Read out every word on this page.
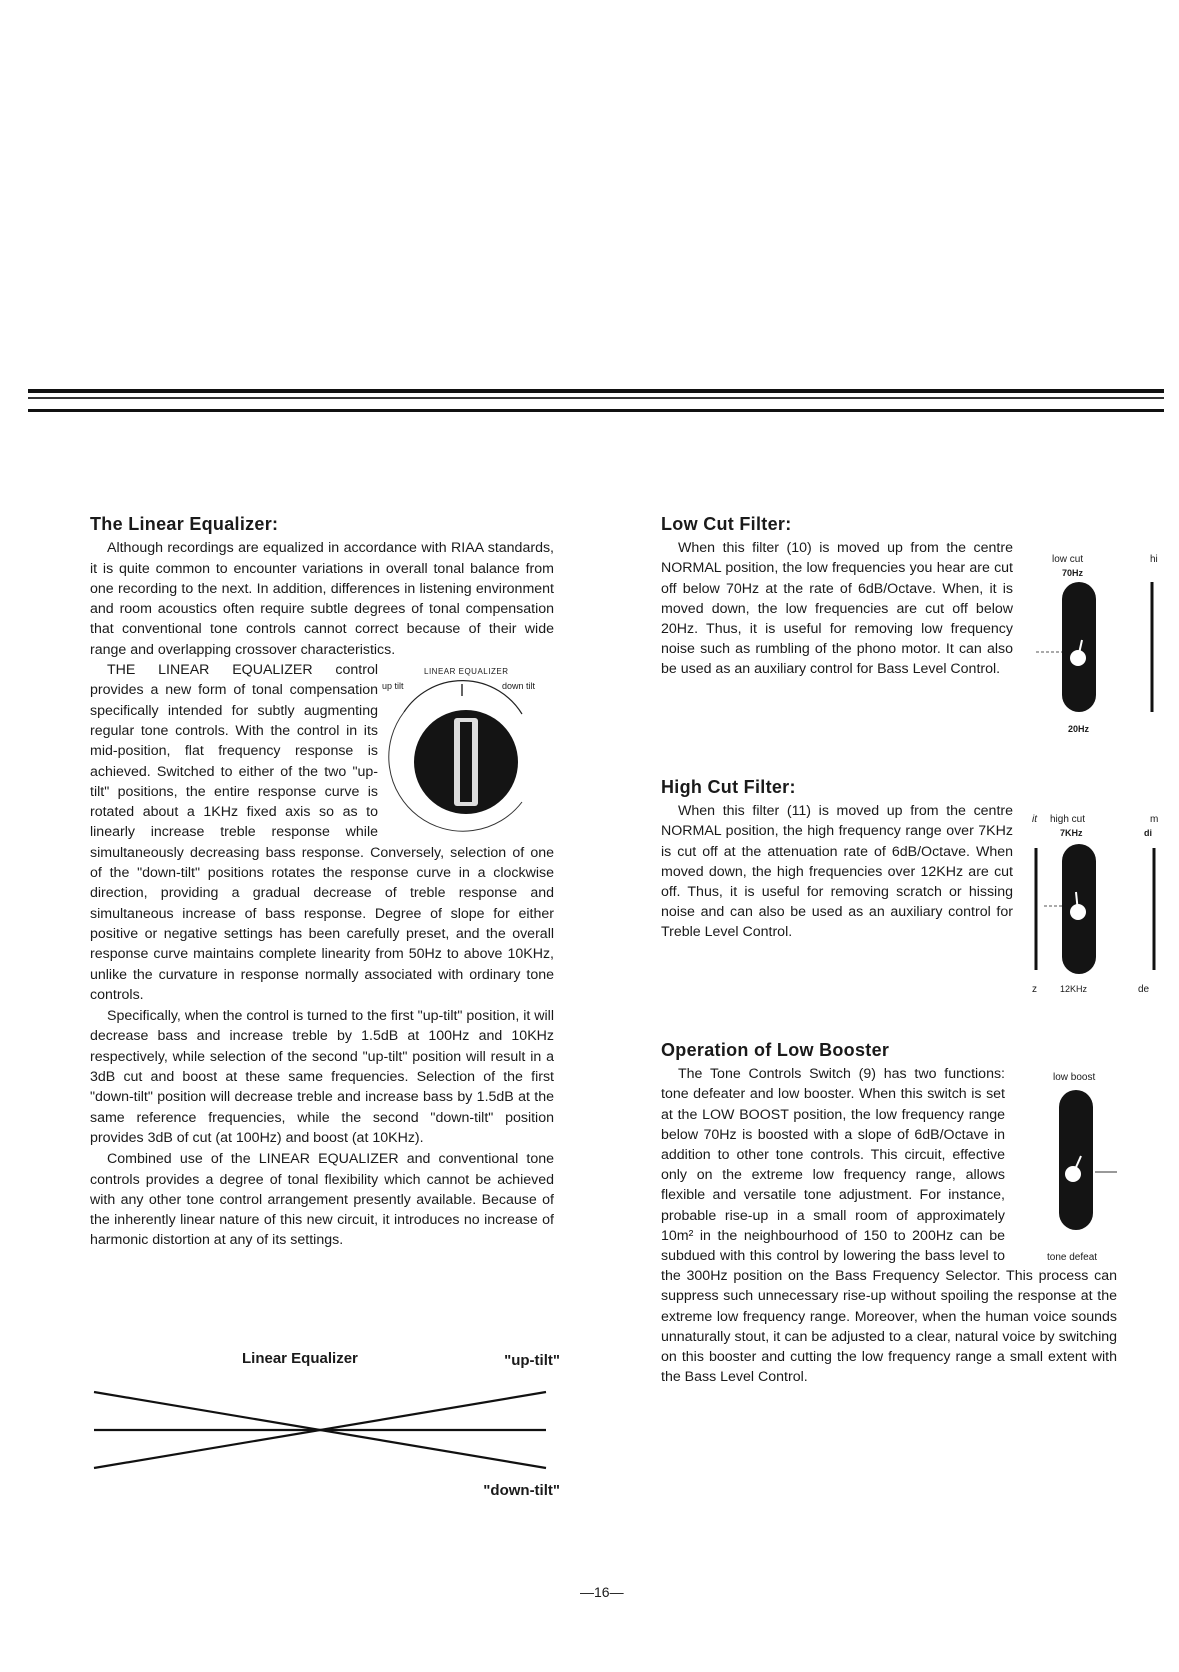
The Linear Equalizer:

Although recordings are equalized in accordance with RIAA standards, it is quite common to encounter variations in overall tonal balance from one recording to the next. In addition, differences in listening environment and room acoustics often require subtle degrees of tonal compensation that conventional tone controls cannot correct because of their wide range and overlapping crossover characteristics.

LINEAR EQUALIZER
up tilt	down tilt

THE LINEAR EQUALIZER control provides a new form of tonal compensation specifically intended for subtly augmenting regular tone controls. With the control in its mid-position, flat frequency response is achieved. Switched to either of the two "up-tilt" positions, the entire response curve is rotated about a 1KHz fixed axis so as to linearly increase treble response while simultaneously decreasing bass response. Conversely, selection of one of the "down-tilt" positions rotates the response curve in a clockwise direction, providing a gradual decrease of treble response and simultaneous increase of bass response. Degree of slope for either positive or negative settings has been carefully preset, and the overall response curve maintains complete linearity from 50Hz to above 10KHz, unlike the curvature in response normally associated with ordinary tone controls.

Specifically, when the control is turned to the first "up-tilt" position, it will decrease bass and increase treble by 1.5dB at 100Hz and 10KHz respectively, while selection of the second "up-tilt" position will result in a 3dB cut and boost at these same frequencies. Selection of the first "down-tilt" position will decrease treble and increase bass by 1.5dB at the same reference frequencies, while the second "down-tilt" position provides 3dB of cut (at 100Hz) and boost (at 10KHz).

Combined use of the LINEAR EQUALIZER and conventional tone controls provides a degree of tonal flexibility which cannot be achieved with any other tone control arrangement presently available. Because of the inherently linear nature of this new circuit, it introduces no increase of harmonic distortion at any of its settings.

Linear Equalizer	"up-tilt"
"down-tilt"
Low Cut Filter:

When this filter (10) is moved up from the centre NORMAL position, the low frequencies you hear are cut off below 70Hz at the rate of 6dB/Octave. When, it is moved down, the low frequencies are cut off below 20Hz. Thus, it is useful for removing low frequency noise such as rumbling of the phono motor. It can also be used as an auxiliary control for Bass Level Control.

low cut	hi
70Hz
20Hz
High Cut Filter:

When this filter (11) is moved up from the centre NORMAL position, the high frequency range over 7KHz is cut off at the attenuation rate of 6dB/Octave. When moved down, the high frequencies over 12KHz are cut off. Thus, it is useful for removing scratch or hissing noise and can also be used as an auxiliary control for Treble Level Control.

it high cut	m
7KHz	di
z	12KHz	de
Operation of Low Booster
low boost
tone defeat

The Tone Controls Switch (9) has two functions: tone defeater and low booster. When this switch is set at the LOW BOOST position, the low frequency range below 70Hz is boosted with a slope of 6dB/Octave in addition to other tone controls. This circuit, effective only on the extreme low frequency range, allows flexible and versatile tone adjustment. For instance, probable rise-up in a small room of approximately 10m² in the neighbourhood of 150 to 200Hz can be subdued with this control by lowering the bass level to the 300Hz position on the Bass Frequency Selector. This process can suppress such unnecessary rise-up without spoiling the response at the extreme low frequency range. Moreover, when the human voice sounds unnaturally stout, it can be adjusted to a clear, natural voice by switching on this booster and cutting the low frequency range a small extent with the Bass Level Control.

—16—
